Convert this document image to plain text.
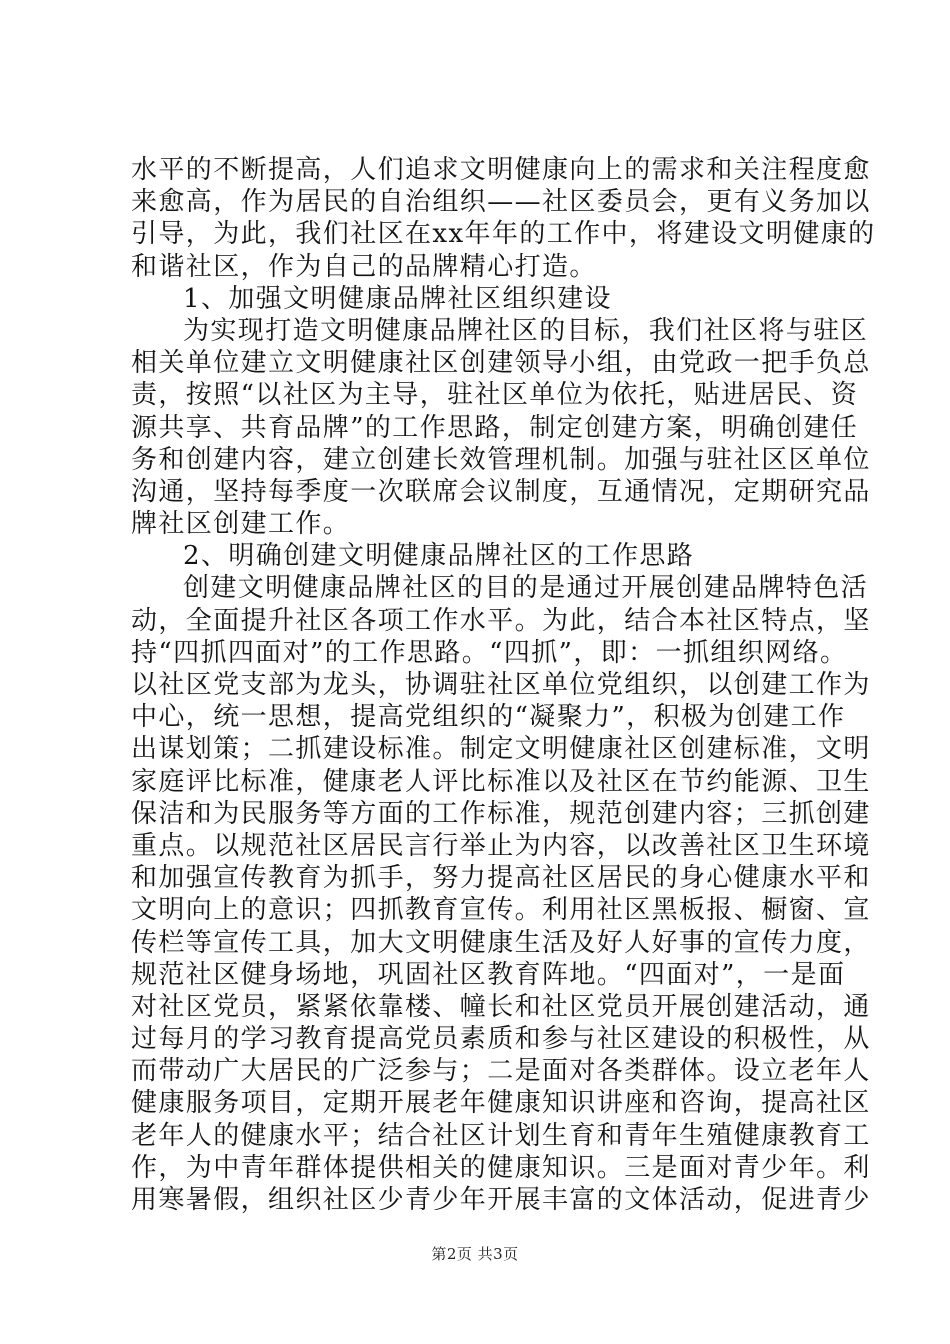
水平的不断提高，人们追求文明健康向上的需求和关注程度愈
来愈高，作为居民的自治组织——社区委员会，更有义务加以
引导，为此，我们社区在xx年年的工作中，将建设文明健康的
和谐社区，作为自己的品牌精心打造。
1、加强文明健康品牌社区组织建设
为实现打造文明健康品牌社区的目标，我们社区将与驻区
相关单位建立文明健康社区创建领导小组，由党政一把手负总
责，按照“以社区为主导，驻社区单位为依托，贴进居民、资
源共享、共育品牌”的工作思路，制定创建方案，明确创建任
务和创建内容，建立创建长效管理机制。加强与驻社区区单位
沟通，坚持每季度一次联席会议制度，互通情况，定期研究品
牌社区创建工作。
2、明确创建文明健康品牌社区的工作思路
创建文明健康品牌社区的目的是通过开展创建品牌特色活
动，全面提升社区各项工作水平。为此，结合本社区特点，坚
持“四抓四面对”的工作思路。“四抓”，即：一抓组织网络。
以社区党支部为龙头，协调驻社区单位党组织，以创建工作为
中心，统一思想，提高党组织的“凝聚力”，积极为创建工作
出谋划策；二抓建设标准。制定文明健康社区创建标准，文明
家庭评比标准，健康老人评比标准以及社区在节约能源、卫生
保洁和为民服务等方面的工作标准，规范创建内容；三抓创建
重点。以规范社区居民言行举止为内容，以改善社区卫生环境
和加强宣传教育为抓手，努力提高社区居民的身心健康水平和
文明向上的意识；四抓教育宣传。利用社区黑板报、橱窗、宣
传栏等宣传工具，加大文明健康生活及好人好事的宣传力度，
规范社区健身场地，巩固社区教育阵地。“四面对”，一是面
对社区党员，紧紧依靠楼、幢长和社区党员开展创建活动，通
过每月的学习教育提高党员素质和参与社区建设的积极性，从
而带动广大居民的广泛参与；二是面对各类群体。设立老年人
健康服务项目，定期开展老年健康知识讲座和咨询，提高社区
老年人的健康水平；结合社区计划生育和青年生殖健康教育工
作，为中青年群体提供相关的健康知识。三是面对青少年。利
用寒暑假，组织社区少青少年开展丰富的文体活动，促进青少
第2页 共3页
